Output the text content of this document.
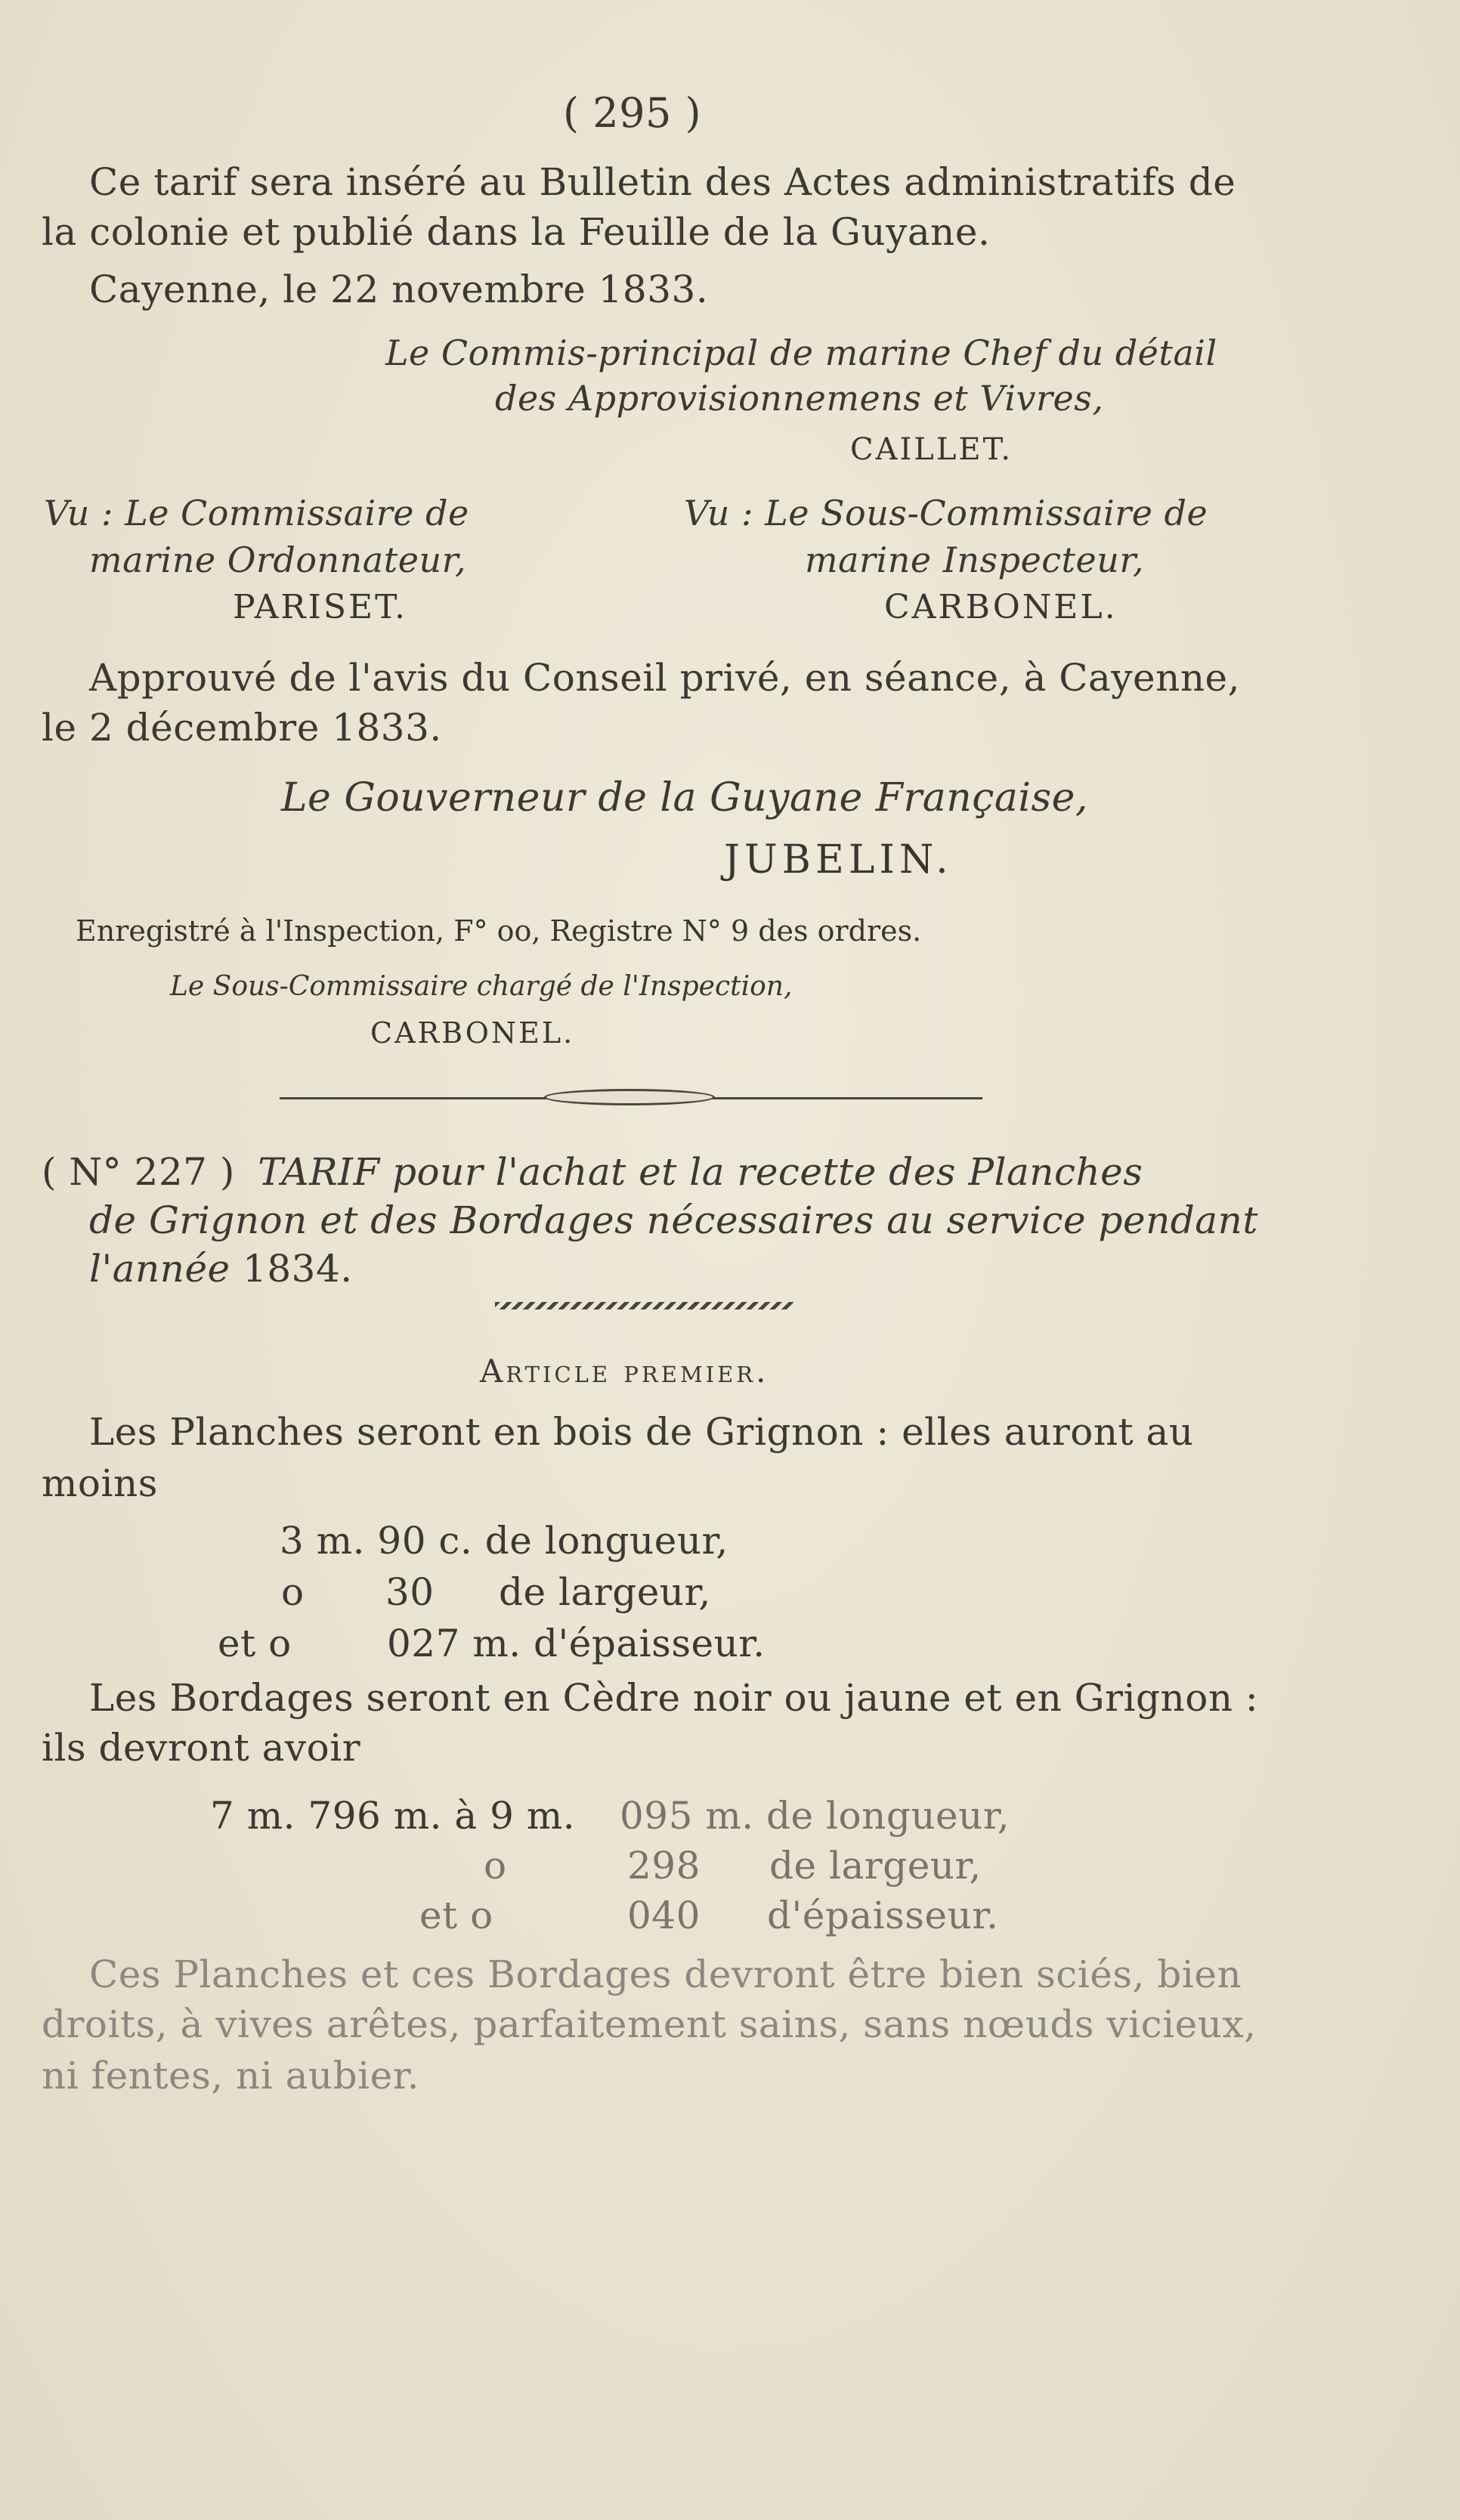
( 295 )
Ce tarif sera inséré au Bulletin des Actes administratifs de
la colonie et publié dans la Feuille de la Guyane.
Cayenne, le 22 novembre 1833.
Le Commis-principal de marine Chef du détail
des Approvisionnemens et Vivres,
CAILLET.
Vu : Le Commissaire de
marine Ordonnateur,
PARISET.
Vu : Le Sous-Commissaire de
marine Inspecteur,
CARBONEL.
Approuvé de l'avis du Conseil privé, en séance, à Cayenne,
le 2 décembre 1833.
Le Gouverneur de la Guyane Française,
JUBELIN.
Enregistré à l'Inspection, F° oo, Registre N° 9 des ordres.
Le Sous-Commissaire chargé de l'Inspection,
CARBONEL.
( N° 227 ) TARIF pour l'achat et la recette des Planches
de Grignon et des Bordages nécessaires au service pendant
l'année 1834.
Article premier.
Les Planches seront en bois de Grignon : elles auront au
moins
3 m. 90 c. de longueur,
o 30 de largeur,
et o	027 m. d'épaisseur.
Les Bordages seront en Cèdre noir ou jaune et en Grignon :
ils devront avoir
7 m. 796 m. à 9 m. 095 m. de longueur,
o	298 de largeur,
et o	040 d'épaisseur.
Ces Planches et ces Bordages devront être bien sciés, bien
droits, à vives arêtes, parfaitement sains, sans nœuds vicieux,
ni fentes, ni aubier.
